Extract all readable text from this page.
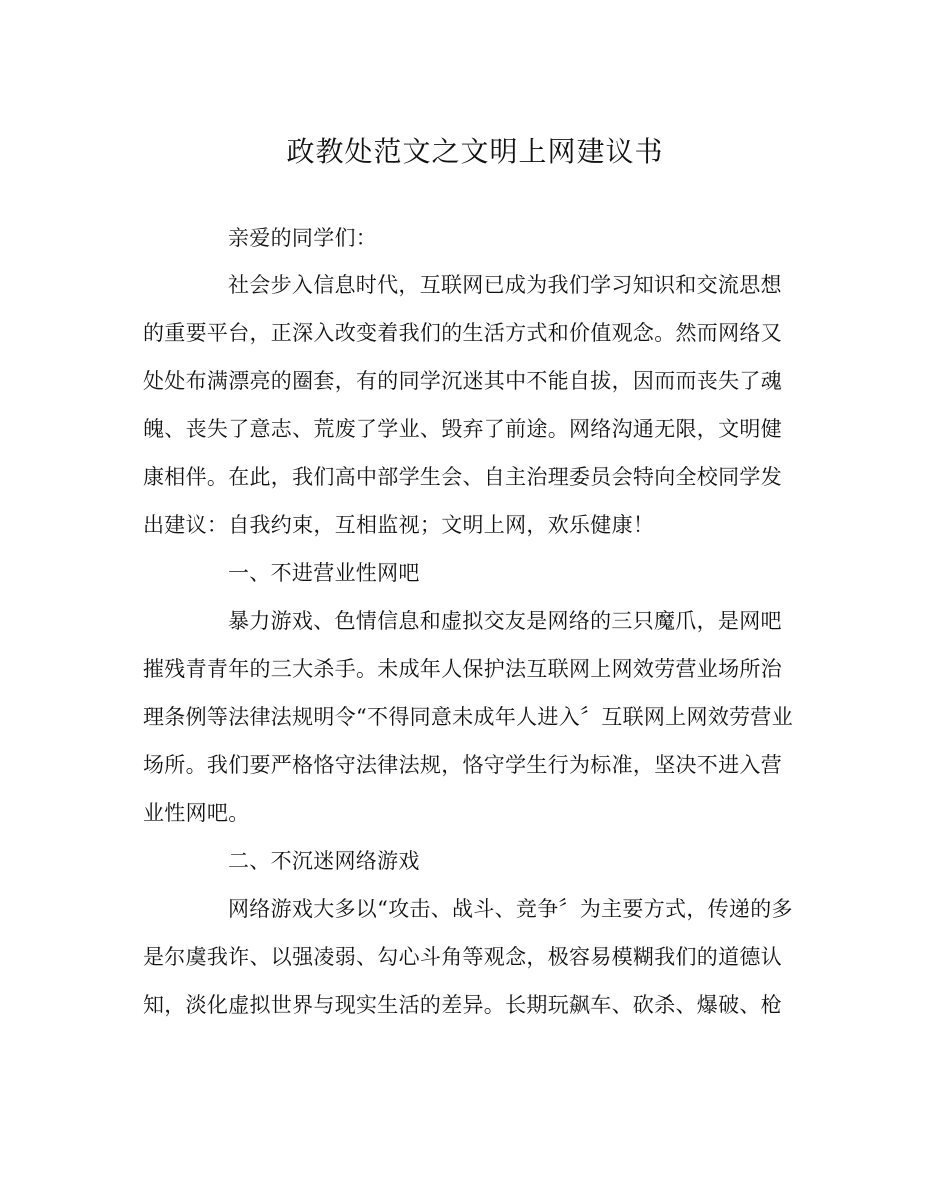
政教处范文之文明上网建议书
亲爱的同学们：
社会步入信息时代，互联网已成为我们学习知识和交流思想
的重要平台，正深入改变着我们的生活方式和价值观念。然而网络又
处处布满漂亮的圈套，有的同学沉迷其中不能自拔，因而而丧失了魂
魄、丧失了意志、荒废了学业、毁弃了前途。网络沟通无限，文明健
康相伴。在此，我们高中部学生会、自主治理委员会特向全校同学发
出建议：自我约束，互相监视；文明上网，欢乐健康！
一、不进营业性网吧
暴力游戏、色情信息和虚拟交友是网络的三只魔爪，是网吧
摧残青青年的三大杀手。未成年人保护法互联网上网效劳营业场所治
理条例等法律法规明令“不得同意未成年人进入〞互联网上网效劳营业
场所。我们要严格恪守法律法规，恪守学生行为标准，坚决不进入营
业性网吧。
二、不沉迷网络游戏
网络游戏大多以“攻击、战斗、竞争〞为主要方式，传递的多
是尔虞我诈、以强凌弱、勾心斗角等观念，极容易模糊我们的道德认
知，淡化虚拟世界与现实生活的差异。长期玩飙车、砍杀、爆破、枪
